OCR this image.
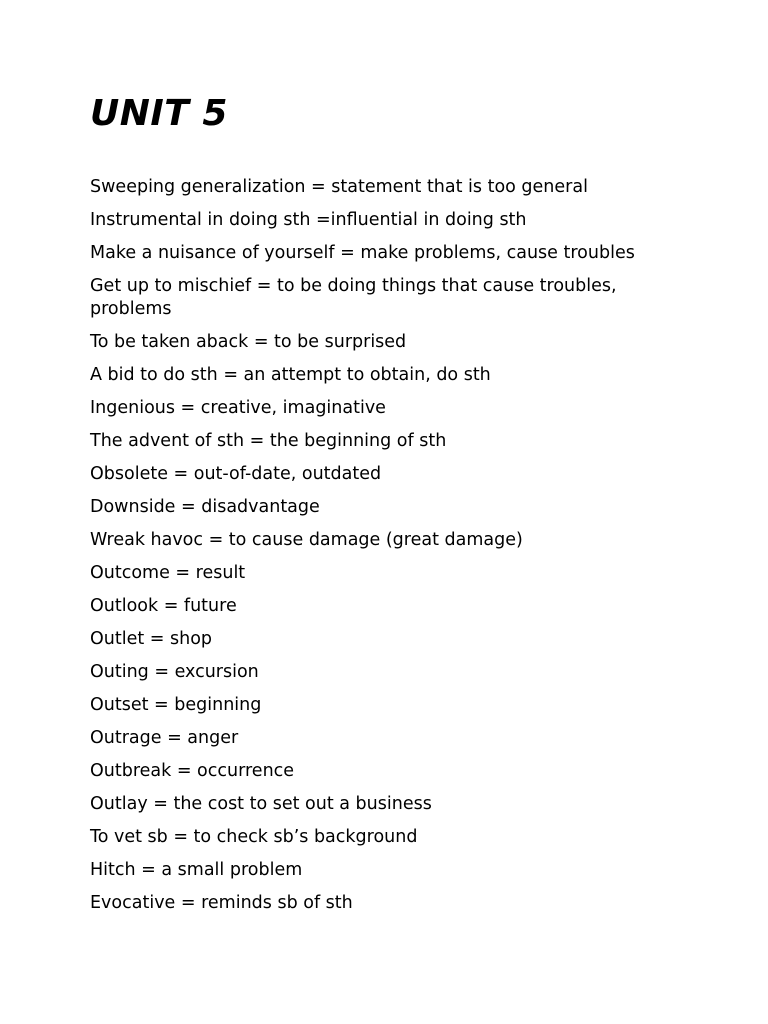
UNIT 5
Sweeping generalization = statement that is too general
Instrumental in doing sth =influential in doing sth
Make a nuisance of yourself = make problems, cause troubles
Get up to mischief = to be doing things that cause troubles, problems
To be taken aback = to be surprised
A bid to do sth = an attempt to obtain, do sth
Ingenious = creative, imaginative
The advent of sth = the beginning of sth
Obsolete = out-of-date, outdated
Downside = disadvantage
Wreak havoc = to cause damage (great damage)
Outcome = result
Outlook = future
Outlet = shop
Outing = excursion
Outset = beginning
Outrage = anger
Outbreak = occurrence
Outlay = the cost to set out a business
To vet sb = to check sb’s background
Hitch = a small problem
Evocative = reminds sb of sth
